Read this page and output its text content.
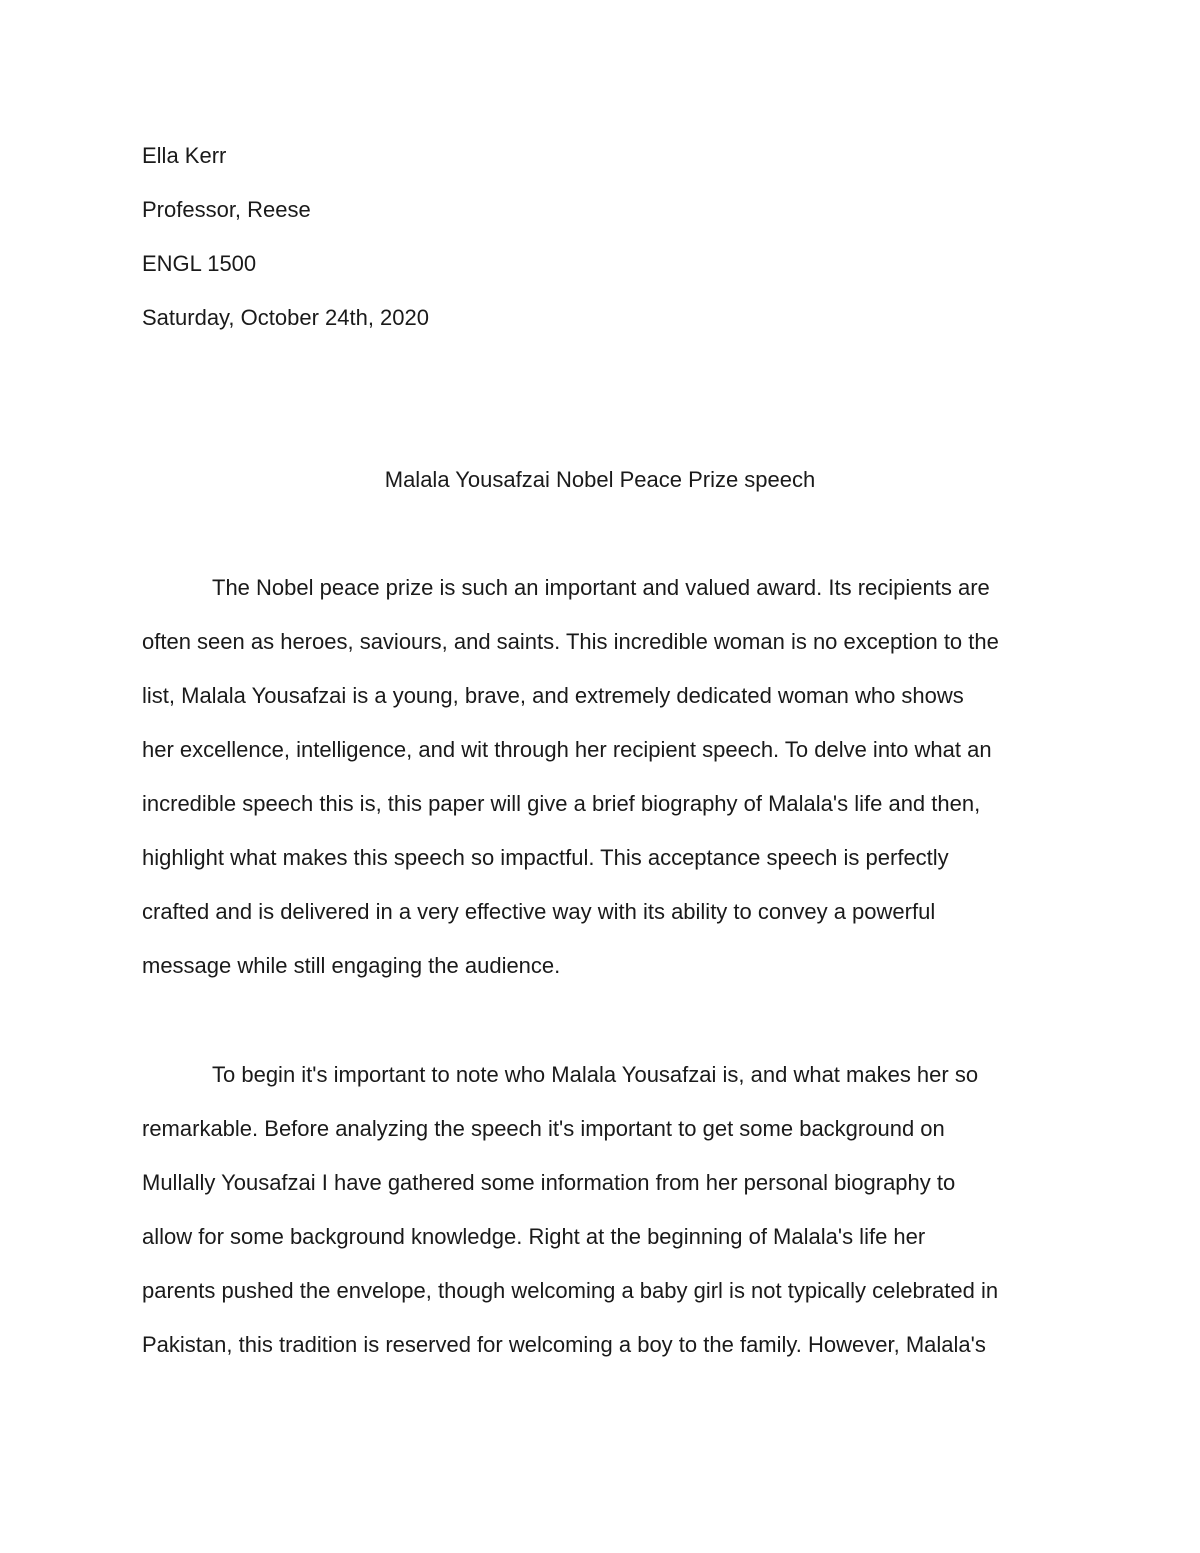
Ella Kerr

Professor, Reese

ENGL 1500

Saturday, October 24th, 2020

Malala Yousafzai Nobel Peace Prize speech

The Nobel peace prize is such an important and valued award. Its recipients are
often seen as heroes, saviours, and saints. This incredible woman is no exception to the
list, Malala Yousafzai is a young, brave, and extremely dedicated woman who shows
her excellence, intelligence, and wit through her recipient speech. To delve into what an
incredible speech this is, this paper will give a brief biography of Malala's life and then,
highlight what makes this speech so impactful. This acceptance speech is perfectly
crafted and is delivered in a very effective way with its ability to convey a powerful
message while still engaging the audience.
To begin it's important to note who Malala Yousafzai is, and what makes her so
remarkable. Before analyzing the speech it's important to get some background on
Mullally Yousafzai I have gathered some information from her personal biography to
allow for some background knowledge. Right at the beginning of Malala's life her
parents pushed the envelope, though welcoming a baby girl is not typically celebrated in
Pakistan, this tradition is reserved for welcoming a boy to the family. However, Malala's
